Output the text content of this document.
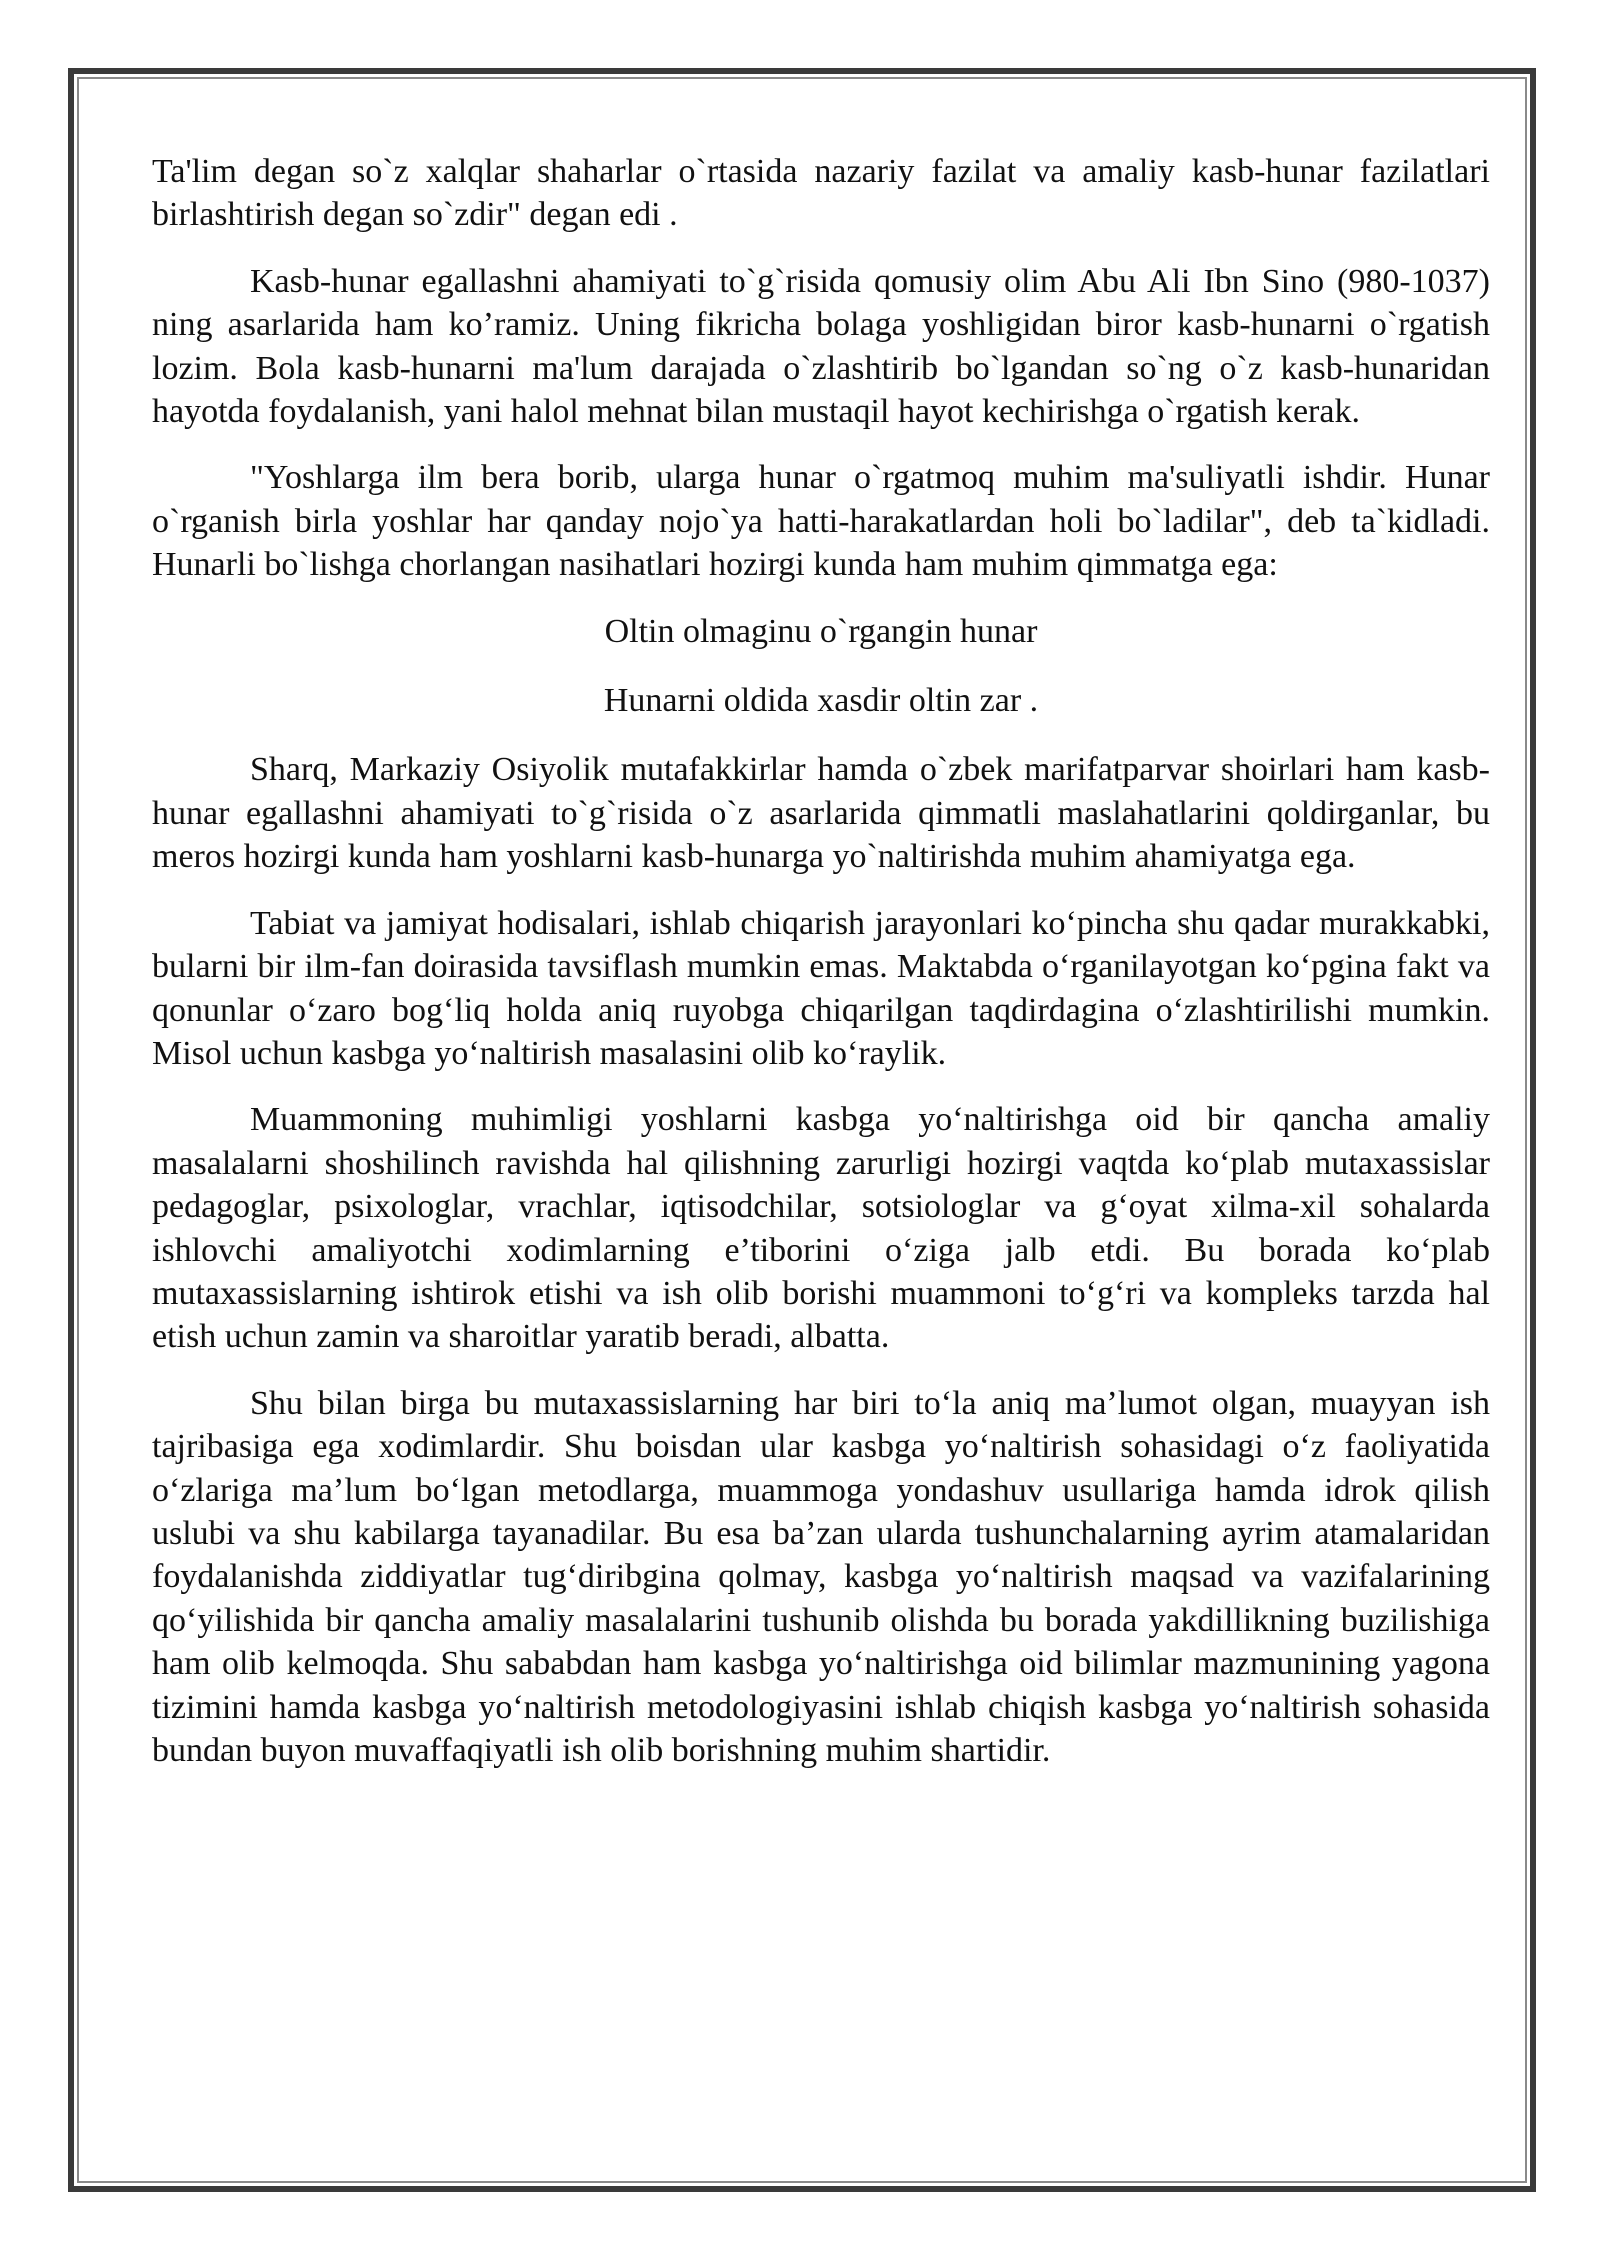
Ta'lim degan so`z xalqlar shaharlar o`rtasida nazariy fazilat va amaliy kasb-hunar fazilatlari birlashtirish degan so`zdir" degan edi .

Kasb-hunar egallashni ahamiyati to`g`risida qomusiy olim Abu Ali Ibn Sino (980-1037) ning asarlarida ham ko’ramiz. Uning fikricha bolaga yoshligidan biror kasb-hunarni o`rgatish lozim. Bola kasb-hunarni ma'lum darajada o`zlashtirib bo`lgandan so`ng o`z kasb-hunaridan hayotda foydalanish, yani halol mehnat bilan mustaqil hayot kechirishga o`rgatish kerak.

"Yoshlarga ilm bera borib, ularga hunar o`rgatmoq muhim ma'suliyatli ishdir. Hunar o`rganish birla yoshlar har qanday nojo`ya hatti-harakatlardan holi bo`ladilar", deb ta`kidladi. Hunarli bo`lishga chorlangan nasihatlari hozirgi kunda ham muhim qimmatga ega:

Oltin olmaginu o`rgangin hunar

Hunarni oldida xasdir oltin zar .

Sharq, Markaziy Osiyolik mutafakkirlar hamda o`zbek marifatparvar shoirlari ham kasb-hunar egallashni ahamiyati to`g`risida o`z asarlarida qimmatli maslahatlarini qoldirganlar, bu meros hozirgi kunda ham yoshlarni kasb-hunarga yo`naltirishda muhim ahamiyatga ega.

Tabiat va jamiyat hodisalari, ishlab chiqarish jarayonlari ko‘pincha shu qadar murakkabki, bularni bir ilm-fan doirasida tavsiflash mumkin emas. Maktabda o‘rganilayotgan ko‘pgina fakt va qonunlar o‘zaro bog‘liq holda aniq ruyobga chiqarilgan taqdirdagina o‘zlashtirilishi mumkin. Misol uchun kasbga yo‘naltirish masalasini olib ko‘raylik.

Muammoning muhimligi yoshlarni kasbga yo‘naltirishga oid bir qancha amaliy masalalarni shoshilinch ravishda hal qilishning zarurligi hozirgi vaqtda ko‘plab mutaxassislar pedagoglar, psixologlar, vrachlar, iqtisodchilar, sotsiologlar va g‘oyat xilma-xil sohalarda ishlovchi amaliyotchi xodimlarning e’tiborini o‘ziga jalb etdi. Bu borada ko‘plab mutaxassislarning ishtirok etishi va ish olib borishi muammoni to‘g‘ri va kompleks tarzda hal etish uchun zamin va sharoitlar yaratib beradi, albatta.

Shu bilan birga bu mutaxassislarning har biri to‘la aniq ma’lumot olgan, muayyan ish tajribasiga ega xodimlardir. Shu boisdan ular kasbga yo‘naltirish sohasidagi o‘z faoliyatida o‘zlariga ma’lum bo‘lgan metodlarga, muammoga yondashuv usullariga hamda idrok qilish uslubi va shu kabilarga tayanadilar. Bu esa ba’zan ularda tushunchalarning ayrim atamalaridan foydalanishda ziddiyatlar tug‘diribgina qolmay, kasbga yo‘naltirish maqsad va vazifalarining qo‘yilishida bir qancha amaliy masalalarini tushunib olishda bu borada yakdillikning buzilishiga ham olib kelmoqda. Shu sababdan ham kasbga yo‘naltirishga oid bilimlar mazmunining yagona tizimini hamda kasbga yo‘naltirish metodologiyasini ishlab chiqish kasbga yo‘naltirish sohasida bundan buyon muvaffaqiyatli ish olib borishning muhim shartidir.
